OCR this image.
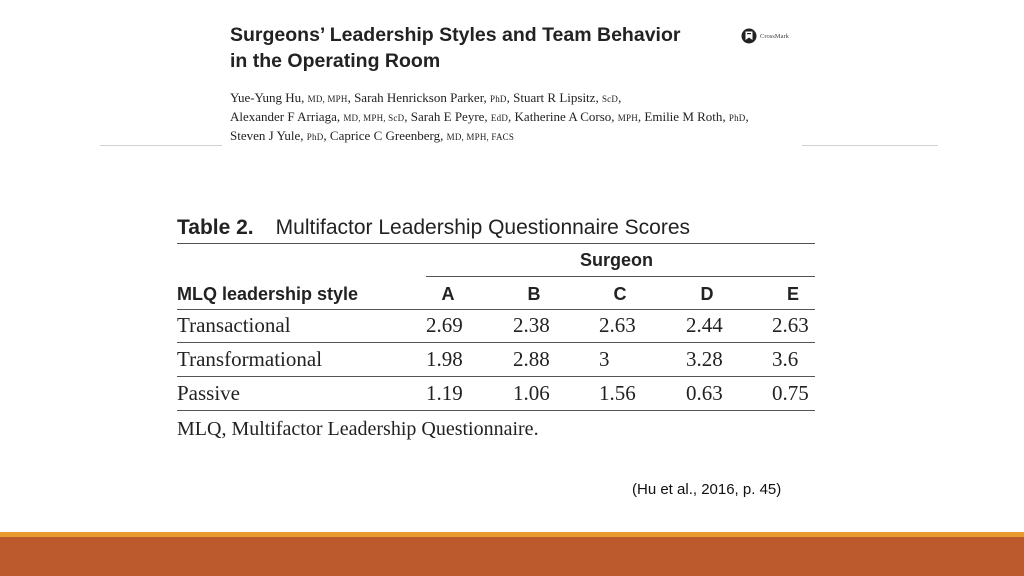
Surgeons’ Leadership Styles and Team Behavior
in the Operating Room
CrossMark
Yue-Yung Hu, MD, MPH, Sarah Henrickson Parker, PhD, Stuart R Lipsitz, ScD,
Alexander F Arriaga, MD, MPH, ScD, Sarah E Peyre, EdD, Katherine A Corso, MPH, Emilie M Roth, PhD,
Steven J Yule, PhD, Caprice C Greenberg, MD, MPH, FACS
Table 2. Multifactor Leadership Questionnaire Scores
Surgeon
MLQ leadership style	A	B	C	D	E
Transactional	2.69 2.38 2.63 2.44 2.63
Transformational	1.98 2.88 3	3.28 3.6
Passive	1.19 1.06 1.56 0.63 0.75

MLQ, Multifactor Leadership Questionnaire.

(Hu et al., 2016, p. 45)
